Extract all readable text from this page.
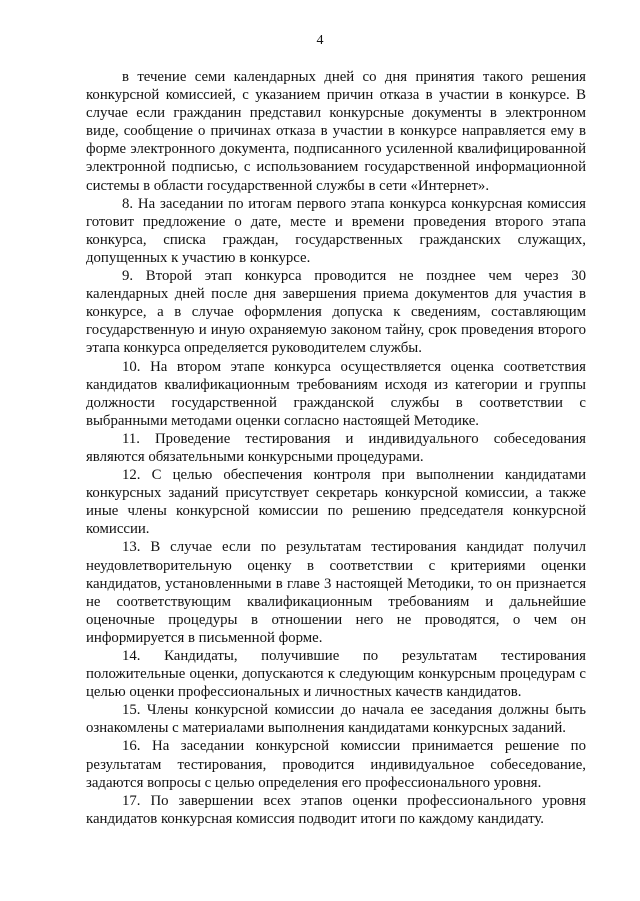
4

в течение семи календарных дней со дня принятия такого решения конкурсной комиссией, с указанием причин отказа в участии в конкурсе. В случае если гражданин представил конкурсные документы в электронном виде, сообщение о причинах отказа в участии в конкурсе направляется ему в форме электронного документа, подписанного усиленной квалифицированной электронной подписью, с использованием государственной информационной системы в области государственной службы в сети «Интернет».

8. На заседании по итогам первого этапа конкурса конкурсная комиссия готовит предложение о дате, месте и времени проведения второго этапа конкурса, списка граждан, государственных гражданских служащих, допущенных к участию в конкурсе.

9. Второй этап конкурса проводится не позднее чем через 30 календарных дней после дня завершения приема документов для участия в конкурсе, а в случае оформления допуска к сведениям, составляющим государственную и иную охраняемую законом тайну, срок проведения второго этапа конкурса определяется руководителем службы.

10. На втором этапе конкурса осуществляется оценка соответствия кандидатов квалификационным требованиям исходя из категории и группы должности государственной гражданской службы в соответствии с выбранными методами оценки согласно настоящей Методике.

11. Проведение тестирования и индивидуального собеседования являются обязательными конкурсными процедурами.

12. С целью обеспечения контроля при выполнении кандидатами конкурсных заданий присутствует секретарь конкурсной комиссии, а также иные члены конкурсной комиссии по решению председателя конкурсной комиссии.

13. В случае если по результатам тестирования кандидат получил неудовлетворительную оценку в соответствии с критериями оценки кандидатов, установленными в главе 3 настоящей Методики, то он признается не соответствующим квалификационным требованиям и дальнейшие оценочные процедуры в отношении него не проводятся, о чем он информируется в письменной форме.

14. Кандидаты, получившие по результатам тестирования положительные оценки, допускаются к следующим конкурсным процедурам с целью оценки профессиональных и личностных качеств кандидатов.

15. Члены конкурсной комиссии до начала ее заседания должны быть ознакомлены с материалами выполнения кандидатами конкурсных заданий.

16. На заседании конкурсной комиссии принимается решение по результатам тестирования, проводится индивидуальное собеседование, задаются вопросы с целью определения его профессионального уровня.

17. По завершении всех этапов оценки профессионального уровня кандидатов конкурсная комиссия подводит итоги по каждому кандидату.
